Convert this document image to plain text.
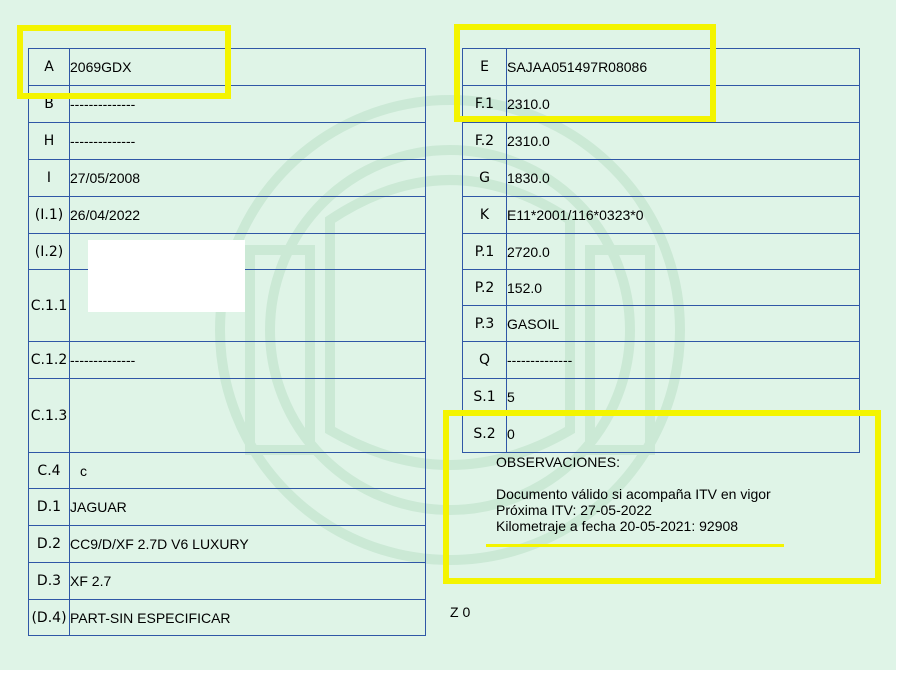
A	2069GDX
B	--------------
H	--------------
I	27/05/2008
(I.1)	26/04/2022
(I.2)	
C.1.1	
C.1.2	--------------
C.1.3	
C.4	c
D.1	JAGUAR
D.2	CC9/D/XF 2.7D V6 LUXURY
D.3	XF 2.7
(D.4)	PART-SIN ESPECIFICAR
E	SAJAA051497R08086
F.1	2310.0
F.2	2310.0
G	1830.0
K	E11*2001/116*0323*0
P.1	2720.0
P.2	152.0
P.3	GASOIL
Q	--------------
S.1	5
S.2	0
OBSERVACIONES:
Documento válido si acompaña ITV en vigor
Próxima ITV: 27-05-2022
Kilometraje a fecha 20-05-2021: 92908
Z 0
